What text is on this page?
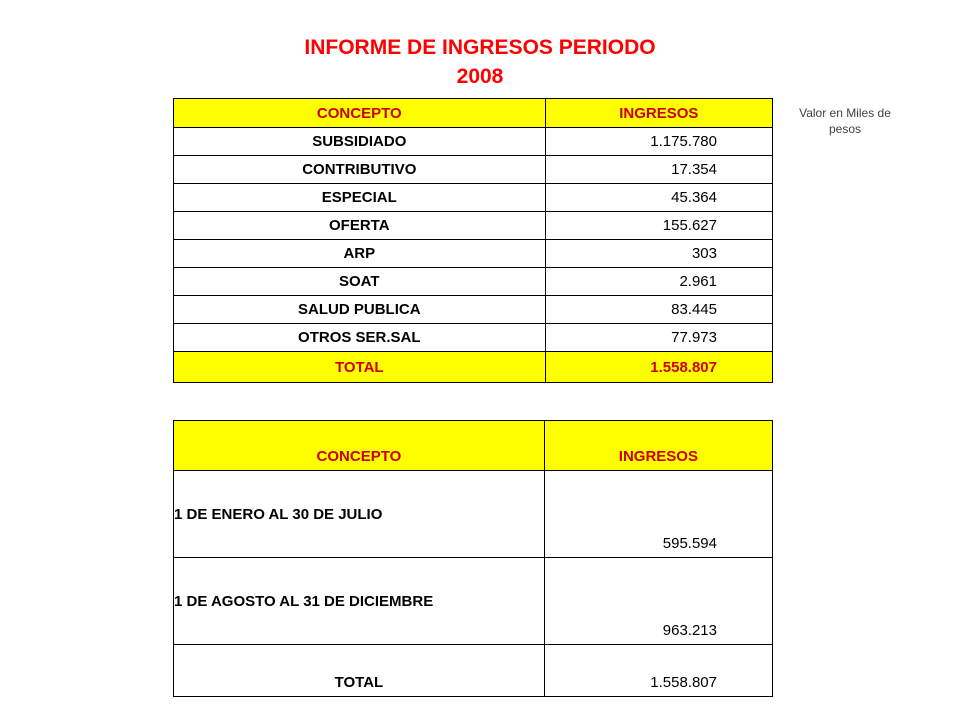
INFORME DE INGRESOS PERIODO
2008
Valor en Miles de pesos
CONCEPTO	INGRESOS
SUBSIDIADO	1.175.780
CONTRIBUTIVO	17.354
ESPECIAL	45.364
OFERTA	155.627
ARP	303
SOAT	2.961
SALUD PUBLICA	83.445
OTROS SER.SAL	77.973
TOTAL	1.558.807
CONCEPTO	INGRESOS
1 DE ENERO AL 30 DE JULIO	595.594
1 DE AGOSTO AL 31 DE DICIEMBRE	963.213
TOTAL	1.558.807
